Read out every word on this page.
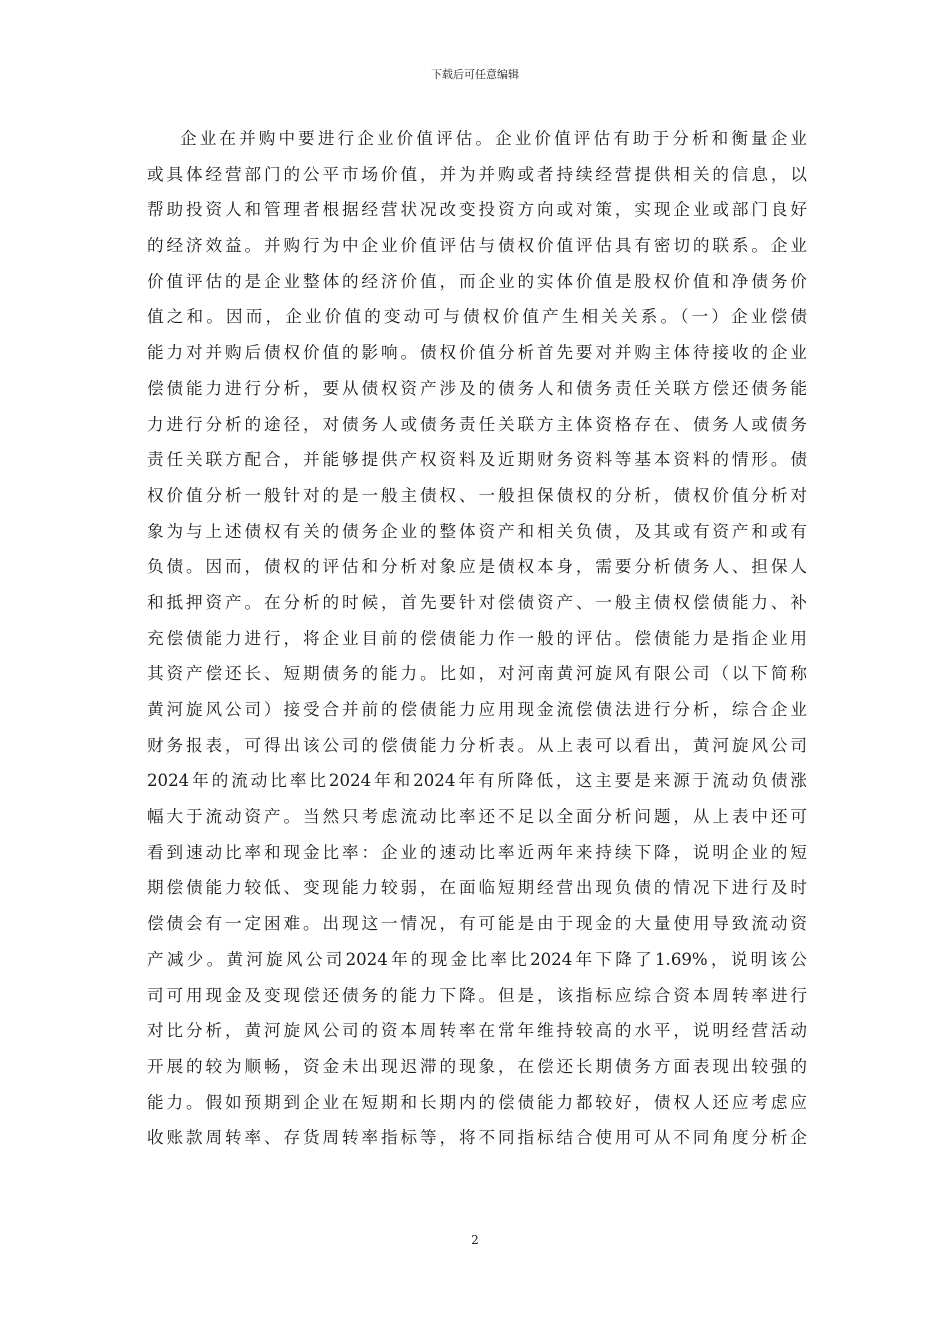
下载后可任意编辑
企业在并购中要进行企业价值评估。企业价值评估有助于分析和衡量企业
或具体经营部门的公平市场价值，并为并购或者持续经营提供相关的信息，以
帮助投资人和管理者根据经营状况改变投资方向或对策，实现企业或部门良好
的经济效益。并购行为中企业价值评估与债权价值评估具有密切的联系。企业
价值评估的是企业整体的经济价值，而企业的实体价值是股权价值和净债务价
值之和。因而，企业价值的变动可与债权价值产生相关关系。（一）企业偿债
能力对并购后债权价值的影响。债权价值分析首先要对并购主体待接收的企业
偿债能力进行分析，要从债权资产涉及的债务人和债务责任关联方偿还债务能
力进行分析的途径，对债务人或债务责任关联方主体资格存在、债务人或债务
责任关联方配合，并能够提供产权资料及近期财务资料等基本资料的情形。债
权价值分析一般针对的是一般主债权、一般担保债权的分析，债权价值分析对
象为与上述债权有关的债务企业的整体资产和相关负债，及其或有资产和或有
负债。因而，债权的评估和分析对象应是债权本身，需要分析债务人、担保人
和抵押资产。在分析的时候，首先要针对偿债资产、一般主债权偿债能力、补
充偿债能力进行，将企业目前的偿债能力作一般的评估。偿债能力是指企业用
其资产偿还长、短期债务的能力。比如，对河南黄河旋风有限公司（以下简称
黄河旋风公司）接受合并前的偿债能力应用现金流偿债法进行分析，综合企业
财务报表，可得出该公司的偿债能力分析表。从上表可以看出，黄河旋风公司
2024年的流动比率比2024年和2024年有所降低，这主要是来源于流动负债涨
幅大于流动资产。当然只考虑流动比率还不足以全面分析问题，从上表中还可
看到速动比率和现金比率：企业的速动比率近两年来持续下降，说明企业的短
期偿债能力较低、变现能力较弱，在面临短期经营出现负债的情况下进行及时
偿债会有一定困难。出现这一情况，有可能是由于现金的大量使用导致流动资
产减少。黄河旋风公司2024年的现金比率比2024年下降了1.69%，说明该公
司可用现金及变现偿还债务的能力下降。但是，该指标应综合资本周转率进行
对比分析，黄河旋风公司的资本周转率在常年维持较高的水平，说明经营活动
开展的较为顺畅，资金未出现迟滞的现象，在偿还长期债务方面表现出较强的
能力。假如预期到企业在短期和长期内的偿债能力都较好，债权人还应考虑应
收账款周转率、存货周转率指标等，将不同指标结合使用可从不同角度分析企
2
